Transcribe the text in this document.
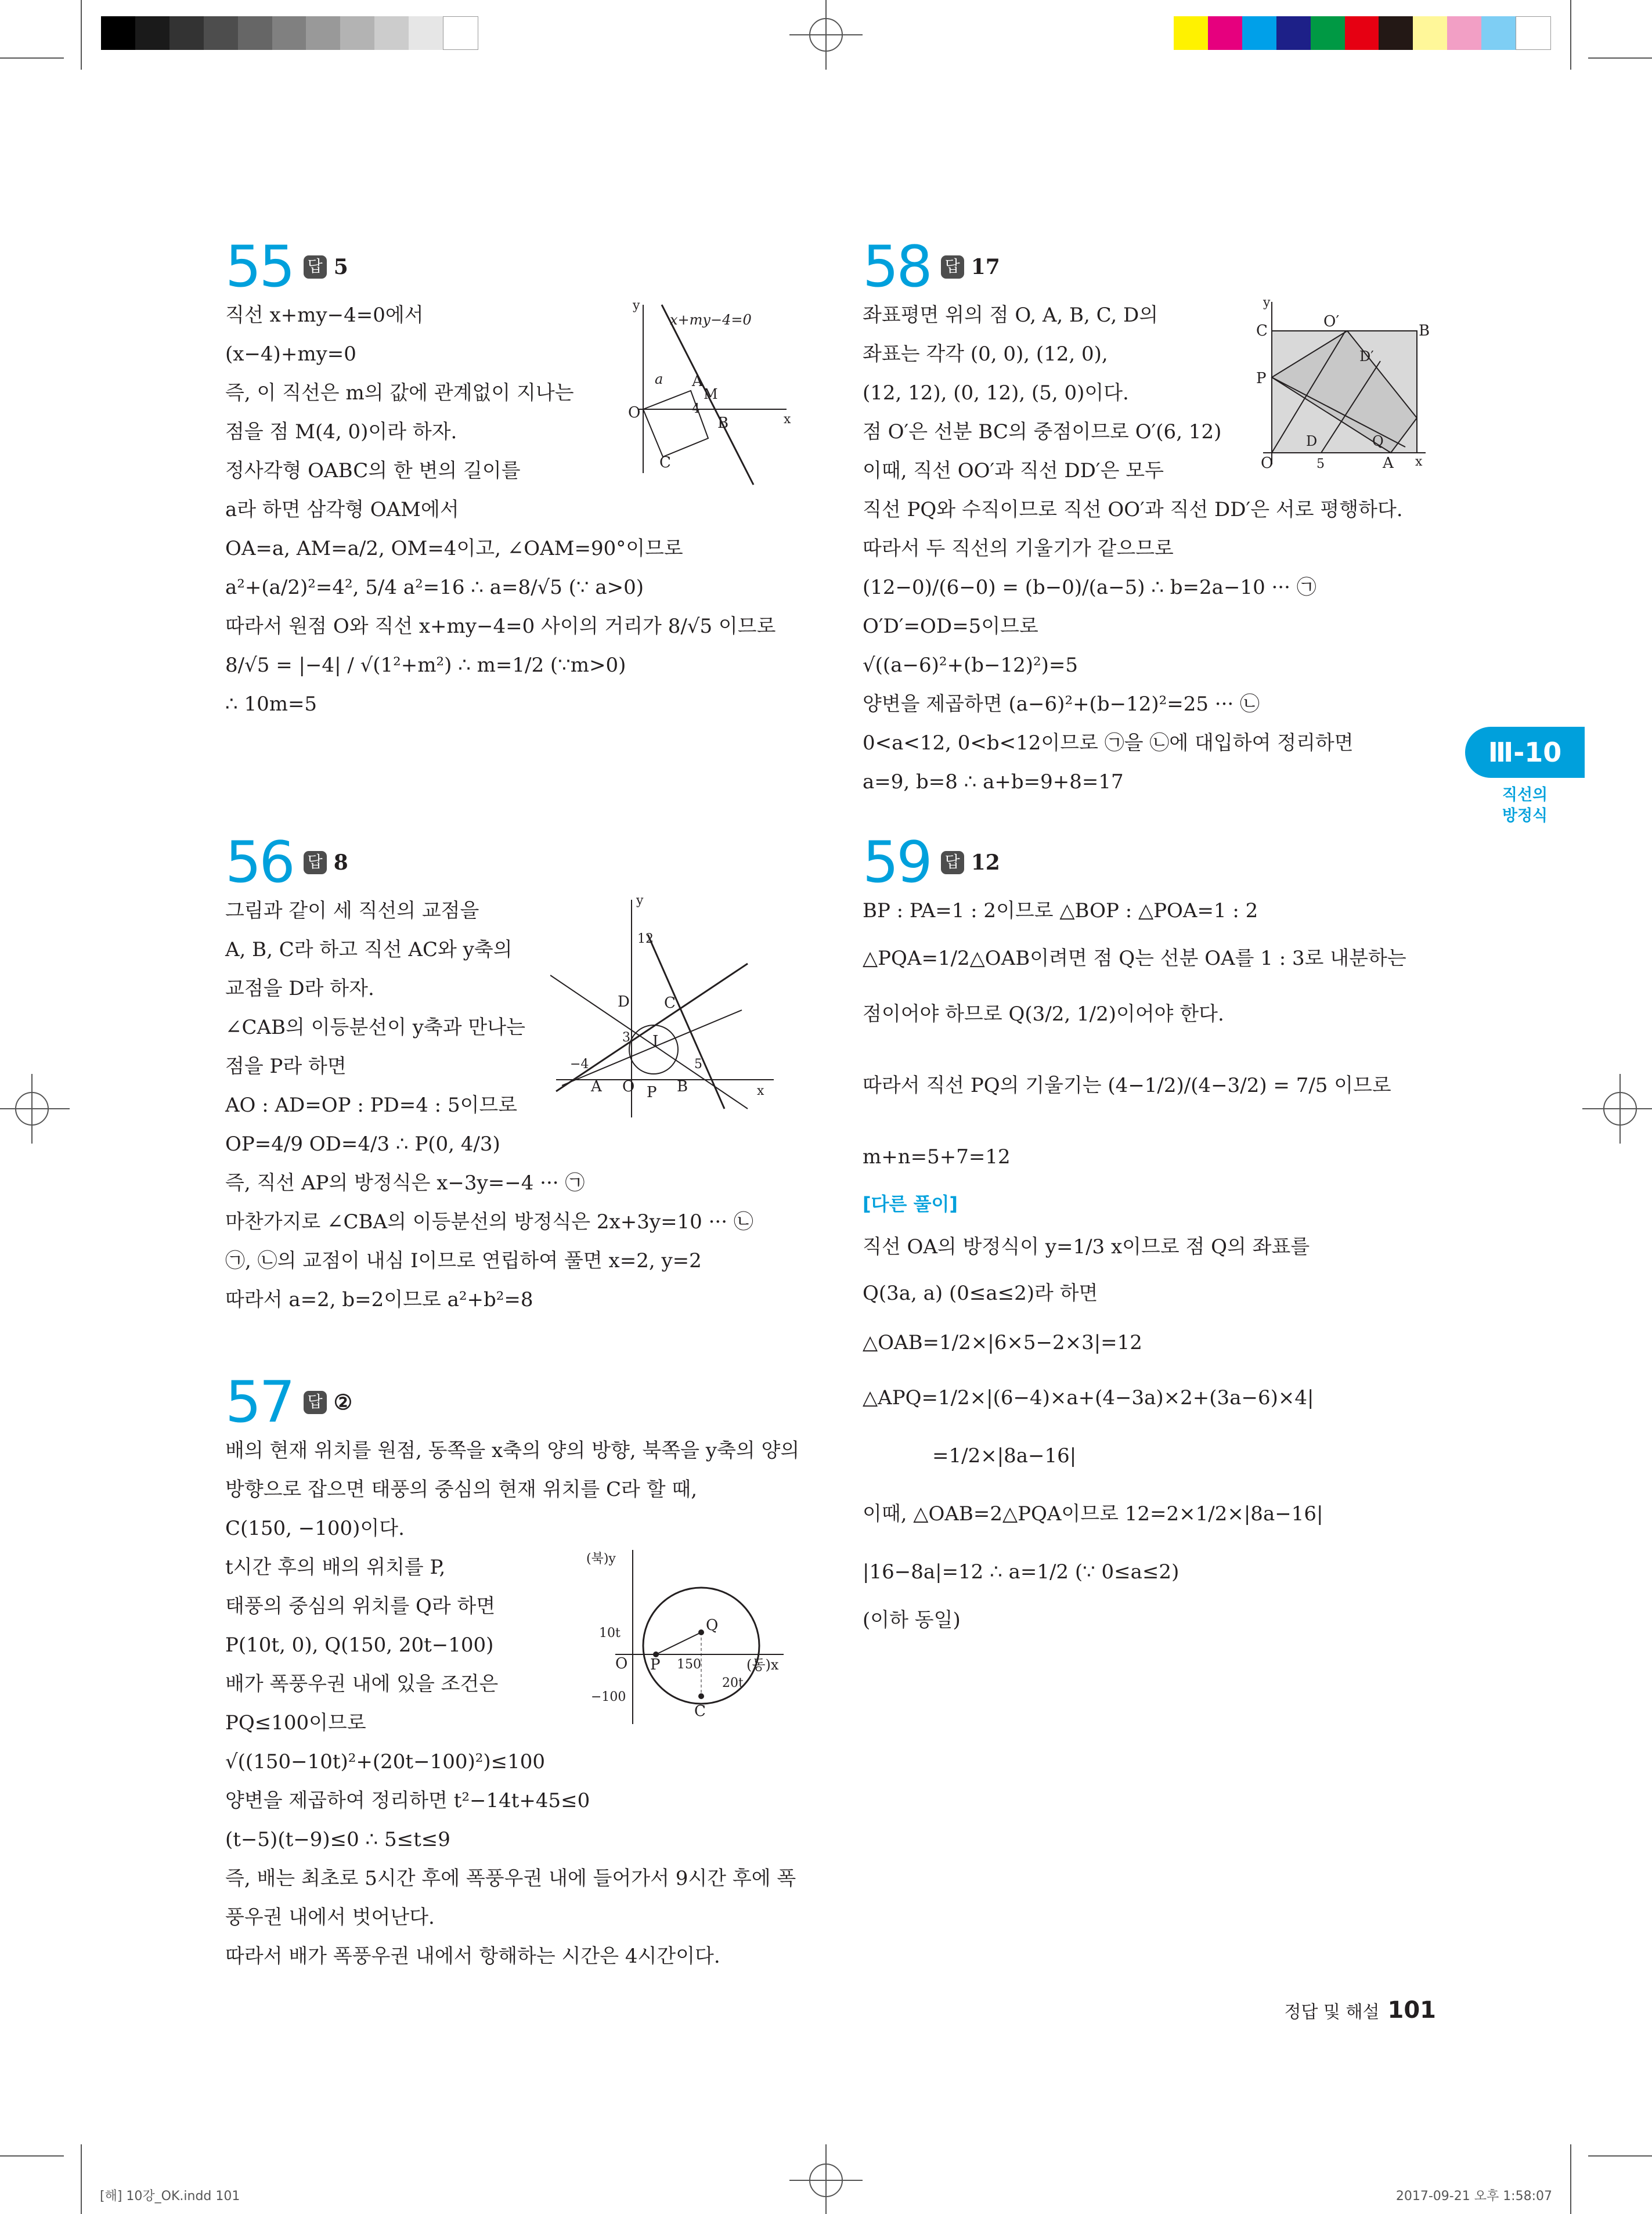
55 답 5
직선 x+my−4=0에서
(x−4)+my=0
즉, 이 직선은 m의 값에 관계없이 지나는
점을 점 M(4, 0)이라 하자.
정사각형 OABC의 한 변의 길이를
a라 하면 삼각형 OAM에서
OA=a, AM=a/2, OM=4이고, ∠OAM=90°이므로
a²+(a/2)²=4², 5/4 a²=16 ∴ a=8/√5 (∵ a>0)
따라서 원점 O와 직선 x+my−4=0 사이의 거리가 8/√5 이므로
8/√5 = |−4| / √(1²+m²) ∴ m=1/2 (∵m>0)
∴ 10m=5
y
x
O
A
M
B
C
a
4
x+my−4=0
56 답 8
그림과 같이 세 직선의 교점을
A, B, C라 하고 직선 AC와 y축의
교점을 D라 하자.
∠CAB의 이등분선이 y축과 만나는
점을 P라 하면
AO : AD=OP : PD=4 : 5이므로
OP=4/9 OD=4/3 ∴ P(0, 4/3)
즉, 직선 AP의 방정식은 x−3y=−4 ··· ㉠
마찬가지로 ∠CBA의 이등분선의 방정식은 2x+3y=10 ··· ㉡
㉠, ㉡의 교점이 내심 I이므로 연립하여 풀면 x=2, y=2
따라서 a=2, b=2이므로 a²+b²=8
y
12
D C
3 I
−4	5
A O P B	x
57 답 ②
배의 현재 위치를 원점, 동쪽을 x축의 양의 방향, 북쪽을 y축의 양의
방향으로 잡으면 태풍의 중심의 현재 위치를 C라 할 때,
C(150, −100)이다.
t시간 후의 배의 위치를 P,
태풍의 중심의 위치를 Q라 하면
P(10t, 0), Q(150, 20t−100)
배가 폭풍우권 내에 있을 조건은
PQ≤100이므로
√((150−10t)²+(20t−100)²)≤100
양변을 제곱하여 정리하면 t²−14t+45≤0
(t−5)(t−9)≤0 ∴ 5≤t≤9
즉, 배는 최초로 5시간 후에 폭풍우권 내에 들어가서 9시간 후에 폭
풍우권 내에서 벗어난다.
따라서 배가 폭풍우권 내에서 항해하는 시간은 4시간이다.
(북)y
10t	Q
O P 150	(동)x
20t
−100
C
58 답 17
좌표평면 위의 점 O, A, B, C, D의
좌표는 각각 (0, 0), (12, 0),
(12, 12), (0, 12), (5, 0)이다.
점 O′은 선분 BC의 중점이므로 O′(6, 12)
이때, 직선 OO′과 직선 DD′은 모두
직선 PQ와 수직이므로 직선 OO′과 직선 DD′은 서로 평행하다.
따라서 두 직선의 기울기가 같으므로
(12−0)/(6−0) = (b−0)/(a−5) ∴ b=2a−10 ··· ㉠
O′D′=OD=5이므로
√((a−6)²+(b−12)²)=5
양변을 제곱하면 (a−6)²+(b−12)²=25 ··· ㉡
0<a<12, 0<b<12이므로 ㉠을 ㉡에 대입하여 정리하면
a=9, b=8 ∴ a+b=9+8=17
y
C
O′
B
D′
P
D	Q
O	5	A x
59 답 12
BP : PA=1 : 2이므로 △BOP : △POA=1 : 2
△PQA=1/2△OAB이려면 점 Q는 선분 OA를 1 : 3로 내분하는
점이어야 하므로 Q(3/2, 1/2)이어야 한다.
따라서 직선 PQ의 기울기는 (4−1/2)/(4−3/2) = 7/5 이므로
m+n=5+7=12
[다른 풀이]
직선 OA의 방정식이 y=1/3 x이므로 점 Q의 좌표를
Q(3a, a) (0≤a≤2)라 하면
△OAB=1/2×|6×5−2×3|=12
△APQ=1/2×|(6−4)×a+(4−3a)×2+(3a−6)×4|
=1/2×|8a−16|
이때, △OAB=2△PQA이므로 12=2×1/2×|8a−16|
|16−8a|=12 ∴ a=1/2 (∵ 0≤a≤2)
(이하 동일)
Ⅲ-10
직선의
방정식
정답 및 해설 101
[해] 10강_OK.indd 101	2017-09-21 오후 1:58:07
